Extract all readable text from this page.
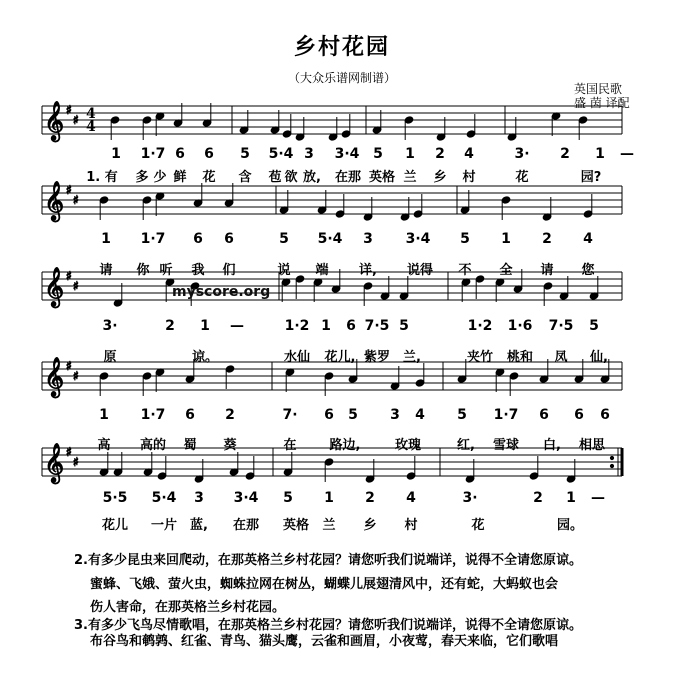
乡村花园
（大众乐谱网制谱）
英国民歌
盛 茵 译配
𝄞 ♯
♯
𝄞 ♯
♯
𝄞 ♯
♯
𝄞 ♯
♯
𝄞 ♯
♯
4
4
myscore.org
1 1·7 6 6 5 5·4 3 3·4 5 1 2 4	3· 2 1 —
1. 有 多 少 鲜 花 含 苞 欲 放, 在那 英格 兰 乡 村	花	园?
1 1·7 6 6	5 5·4 3 3·4 5 1 2 4
请 你 听 我 们	说 端 详, 说得 不 全 请 您
3·	2 1 —	1·2 1 6 7·5 5	1·2 1·6 7·5 5
原	谅。	水仙 花儿, 紫罗 兰,	夹竹 桃和 凤 仙,
1 1·7 6 2	7· 6 5 3 4 5 1·7 6 6 6
高 高的 蜀 葵	在	路边,	玫瑰	红, 雪球 白, 相思
5·5 5·4 3 3·4 5 1 2 4	3·	2 1 —
花儿 一片 蓝, 在那 英格 兰 乡 村	花	园。
2.有多少昆虫来回爬动，在那英格兰乡村花园？请您听我们说端详，说得不全请您原谅。
蜜蜂、飞娥、萤火虫，蜘蛛拉网在树丛，蝴蝶儿展翅清风中，还有蛇，大蚂蚁也会
伤人害命，在那英格兰乡村花园。
3.有多少飞鸟尽情歌唱，在那英格兰乡村花园？请您听我们说端详，说得不全请您原谅。
布谷鸟和鹌鹑、红雀、青鸟、猫头鹰，云雀和画眉，小夜莺，春天来临，它们歌唱
